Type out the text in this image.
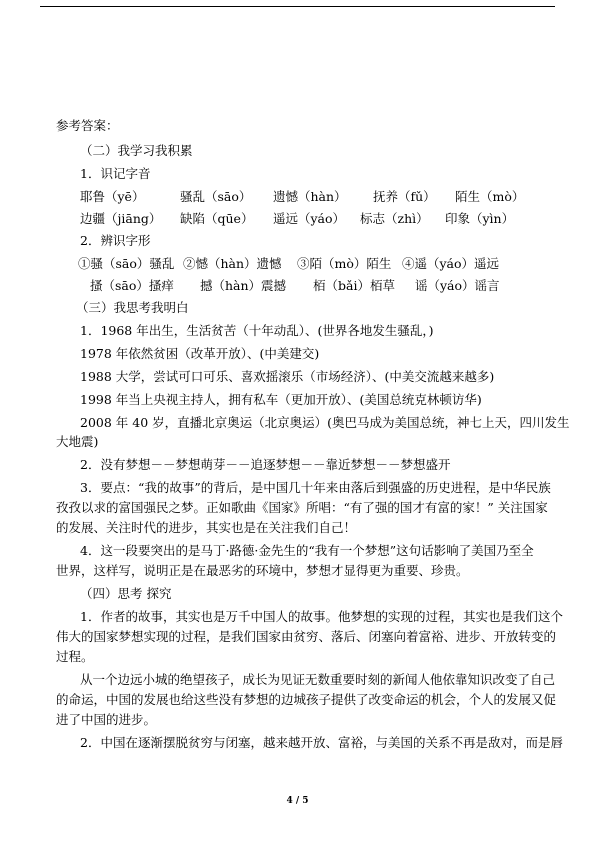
参考答案：
（二）我学习我积累
1．识记字音
耶鲁（yē）	骚乱（sāo） 遗憾（hàn） 抚养（fǔ） 陌生（mò）
边疆（jiāng） 缺陷（qūe） 遥远（yáo） 标志（zhì） 印象（yìn）
2．辨识字形
①骚（sāo）骚乱 ②憾（hàn）遗憾 ③陌（mò）陌生 ④遥（yáo）遥远
搔（sāo）搔痒 撼（hàn）震撼 栢（bǎi）栢草 谣（yáo）谣言
（三）我思考我明白
1．1968 年出生，生活贫苦（十年动乱）、(世界各地发生骚乱，)
1978 年依然贫困（改革开放）、(中美建交)
1988 大学，尝试可口可乐、喜欢摇滚乐（市场经济）、(中美交流越来越多)
1998 年当上央视主持人，拥有私车（更加开放）、(美国总统克林顿访华)
2008 年 40 岁，直播北京奥运（北京奥运）(奥巴马成为美国总统，神七上天，四川发生
大地震)
2．没有梦想－－梦想萌芽－－追逐梦想－－靠近梦想－－梦想盛开
3．要点：“我的故事”的背后，是中国几十年来由落后到强盛的历史进程，是中华民族
孜孜以求的富国强民之梦。正如歌曲《国家》所唱：“有了强的国才有富的家！” 关注国家
的发展、关注时代的进步，其实也是在关注我们自己！
4．这一段要突出的是马丁·路德·金先生的“我有一个梦想”这句话影响了美国乃至全
世界，这样写，说明正是在最恶劣的环境中，梦想才显得更为重要、珍贵。
（四）思考 探究
1．作者的故事，其实也是万千中国人的故事。他梦想的实现的过程，其实也是我们这个
伟大的国家梦想实现的过程，是我们国家由贫穷、落后、闭塞向着富裕、进步、开放转变的
过程。
从一个边远小城的绝望孩子，成长为见证无数重要时刻的新闻人他依靠知识改变了自己
的命运，中国的发展也给这些没有梦想的边城孩子提供了改变命运的机会，个人的发展又促
进了中国的进步。
2．中国在逐渐摆脱贫穷与闭塞，越来越开放、富裕，与美国的关系不再是敌对，而是唇
4 / 5
